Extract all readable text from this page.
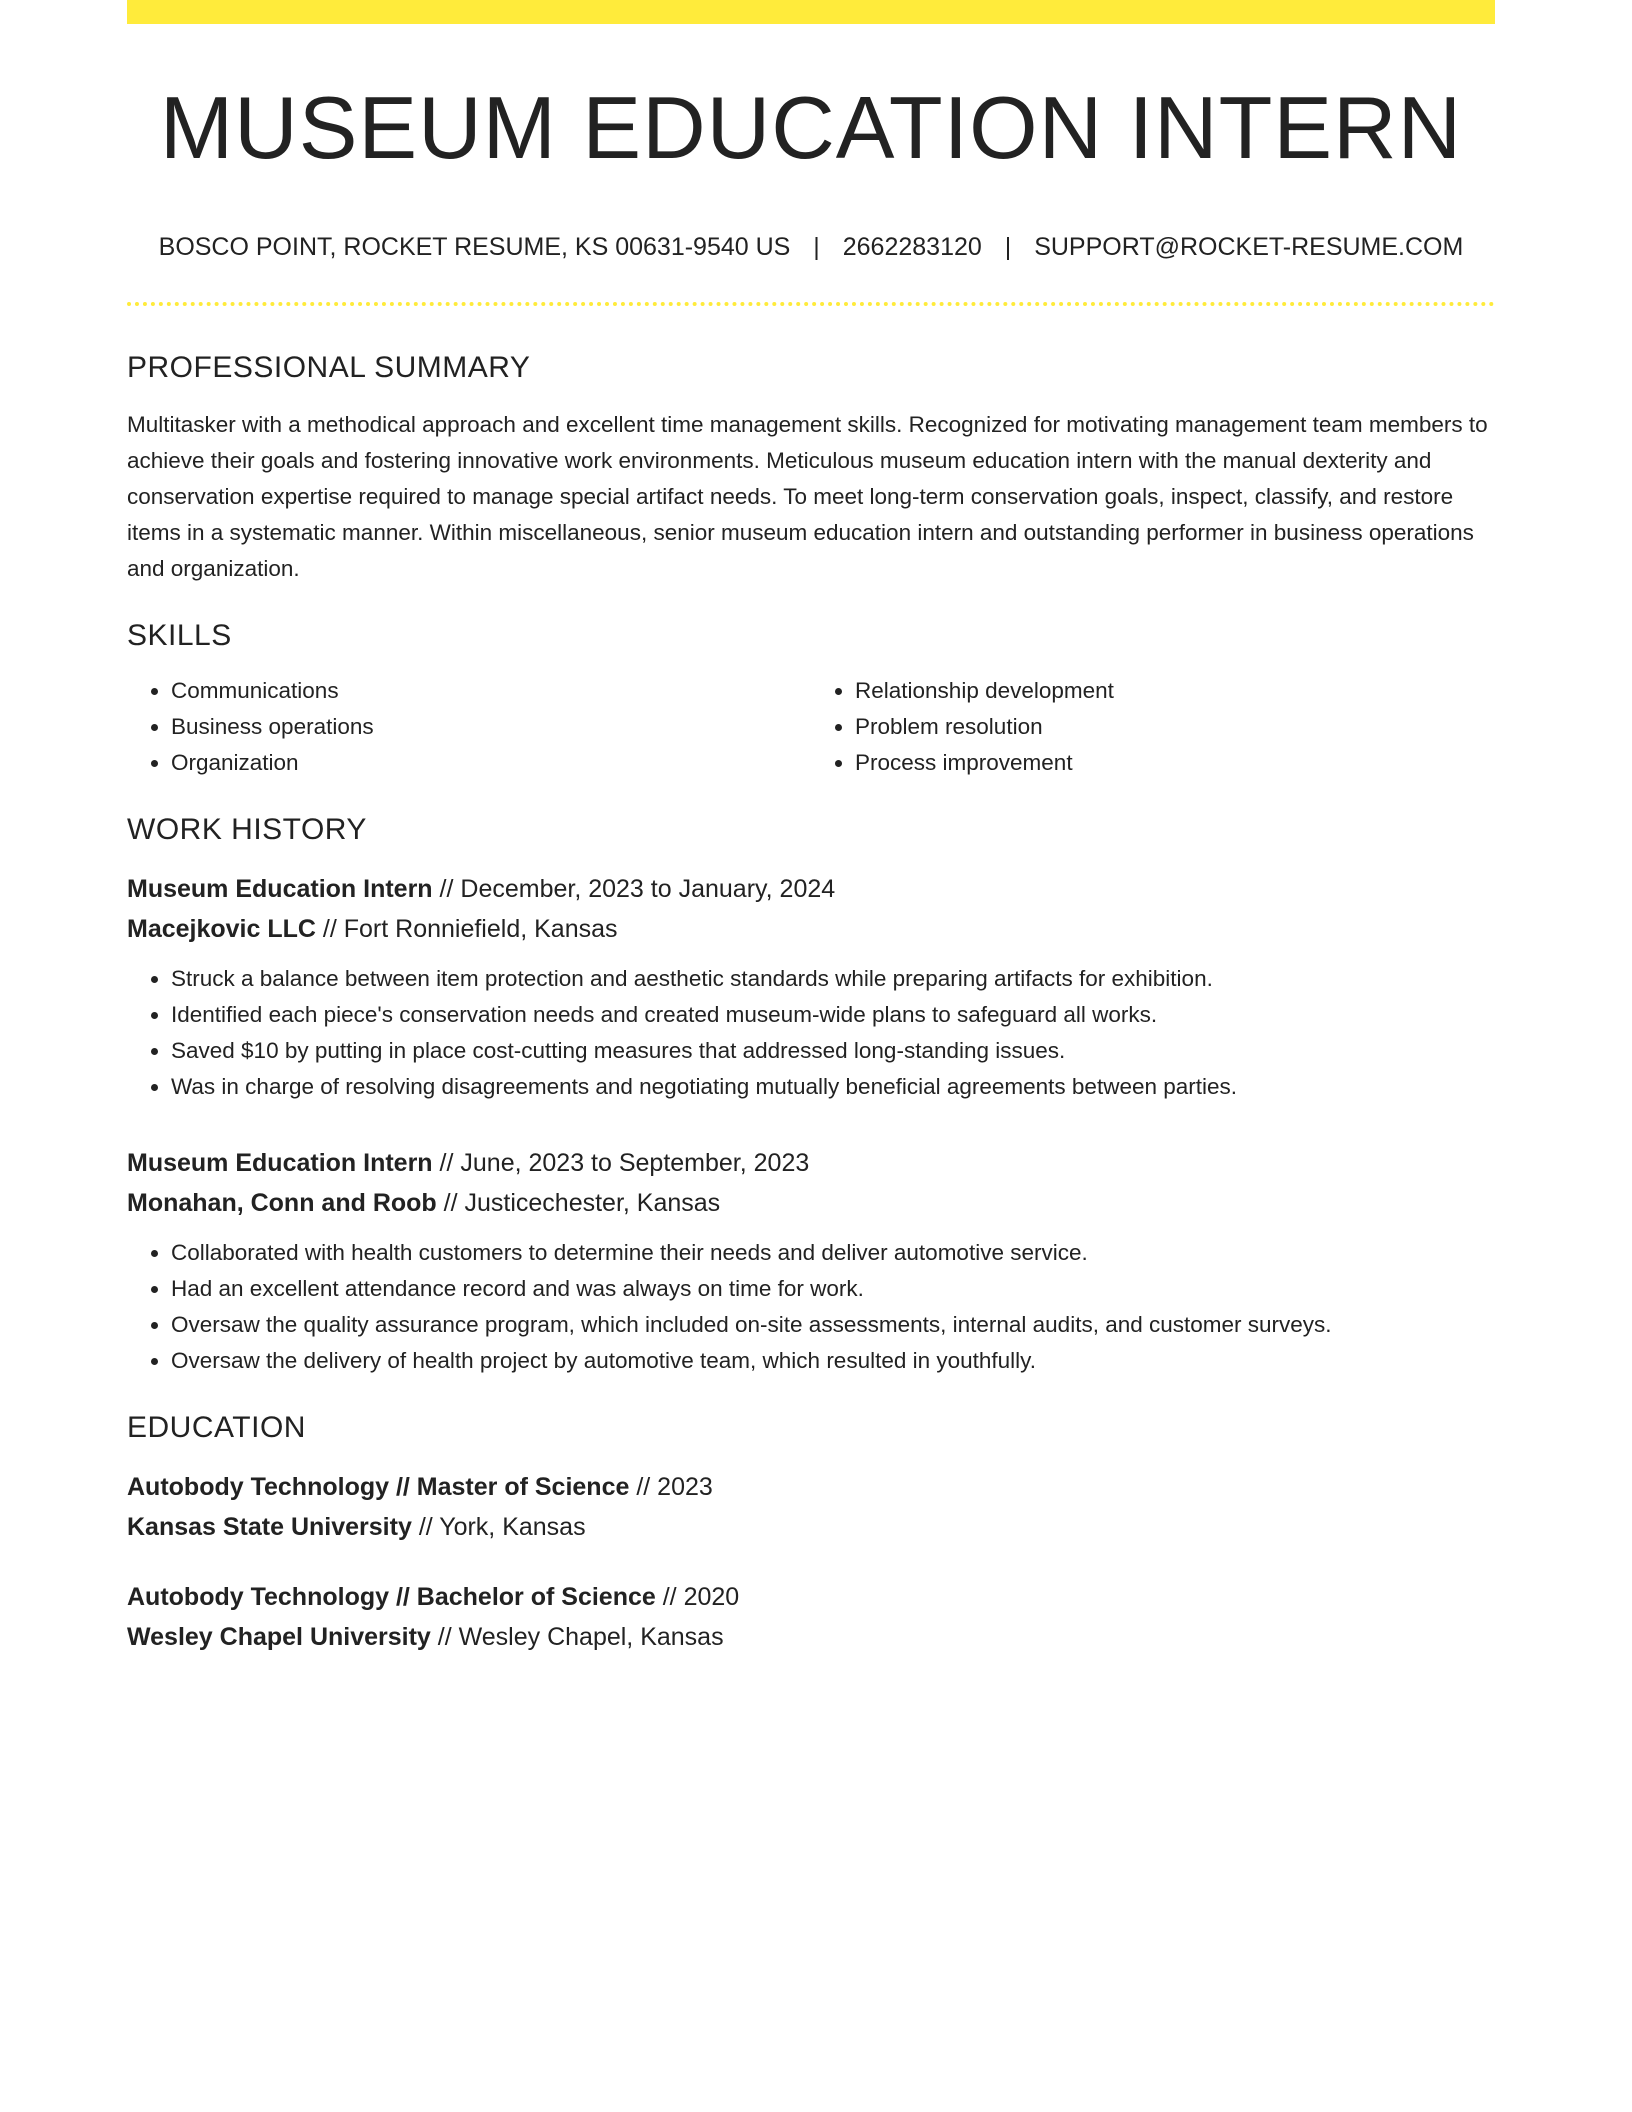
MUSEUM EDUCATION INTERN
BOSCO POINT, ROCKET RESUME, KS 00631-9540 US | 2662283120 | SUPPORT@ROCKET-RESUME.COM
PROFESSIONAL SUMMARY

Multitasker with a methodical approach and excellent time management skills. Recognized for motivating management team members to achieve their goals and fostering innovative work environments. Meticulous museum education intern with the manual dexterity and conservation expertise required to manage special artifact needs. To meet long-term conservation goals, inspect, classify, and restore items in a systematic manner. Within miscellaneous, senior museum education intern and outstanding performer in business operations and organization.

SKILLS
• Communications
• Business operations
• Organization
• Relationship development
• Problem resolution
• Process improvement
WORK HISTORY
Museum Education Intern // December, 2023 to January, 2024
Macejkovic LLC // Fort Ronniefield, Kansas
• Struck a balance between item protection and aesthetic standards while preparing artifacts for exhibition.
• Identified each piece's conservation needs and created museum-wide plans to safeguard all works.
• Saved $10 by putting in place cost-cutting measures that addressed long-standing issues.
• Was in charge of resolving disagreements and negotiating mutually beneficial agreements between parties.
Museum Education Intern // June, 2023 to September, 2023
Monahan, Conn and Roob // Justicechester, Kansas
• Collaborated with health customers to determine their needs and deliver automotive service.
• Had an excellent attendance record and was always on time for work.
• Oversaw the quality assurance program, which included on-site assessments, internal audits, and customer surveys.
• Oversaw the delivery of health project by automotive team, which resulted in youthfully.
EDUCATION
Autobody Technology // Master of Science // 2023
Kansas State University // York, Kansas
Autobody Technology // Bachelor of Science // 2020
Wesley Chapel University // Wesley Chapel, Kansas
